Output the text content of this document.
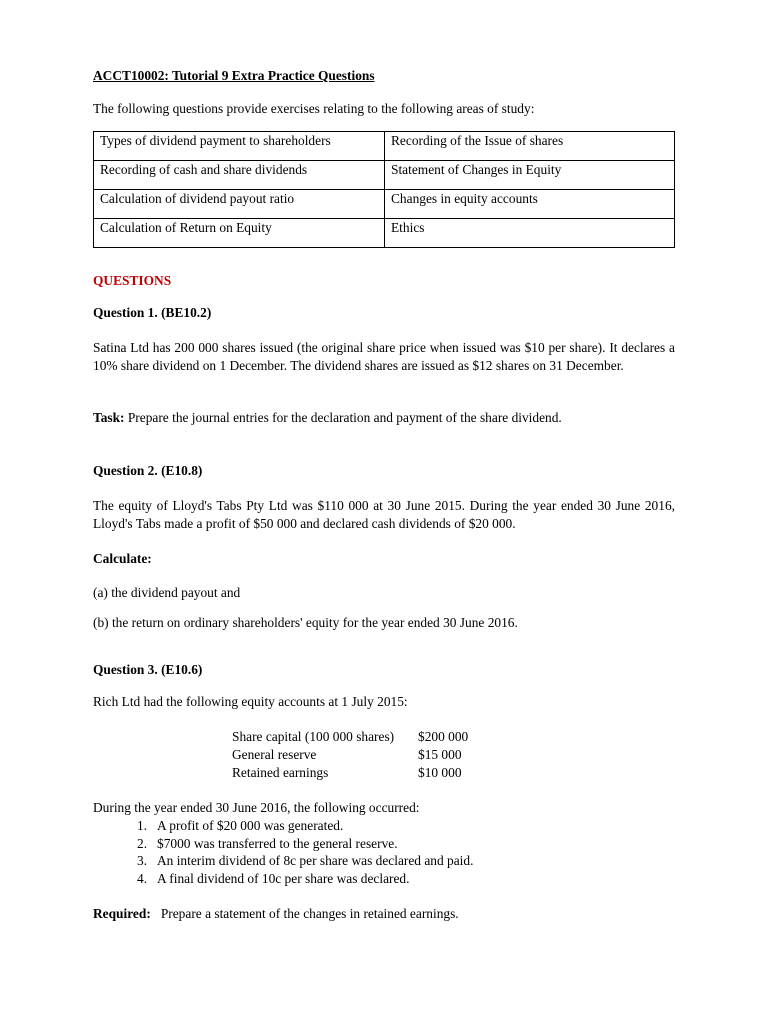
ACCT10002: Tutorial 9 Extra Practice Questions
The following questions provide exercises relating to the following areas of study:
Types of dividend payment to shareholders	Recording of the Issue of shares
Recording of cash and share dividends	Statement of Changes in Equity
Calculation of dividend payout ratio	Changes in equity accounts
Calculation of Return on Equity	Ethics
QUESTIONS
Question 1. (BE10.2)
Satina Ltd has 200 000 shares issued (the original share price when issued was $10 per share). It declares a 10% share dividend on 1 December. The dividend shares are issued as $12 shares on 31 December.
Task: Prepare the journal entries for the declaration and payment of the share dividend.
Question 2. (E10.8)
The equity of Lloyd's Tabs Pty Ltd was $110 000 at 30 June 2015. During the year ended 30 June 2016, Lloyd's Tabs made a profit of $50 000 and declared cash dividends of $20 000.
Calculate:
(a) the dividend payout and
(b) the return on ordinary shareholders' equity for the year ended 30 June 2016.
Question 3. (E10.6)
Rich Ltd had the following equity accounts at 1 July 2015:
Share capital (100 000 shares)	$200 000
General reserve	$15 000
Retained earnings	$10 000
During the year ended 30 June 2016, the following occurred:
1. A profit of $20 000 was generated.
2. $7000 was transferred to the general reserve.
3. An interim dividend of 8c per share was declared and paid.
4. A final dividend of 10c per share was declared.
Required:   Prepare a statement of the changes in retained earnings.
